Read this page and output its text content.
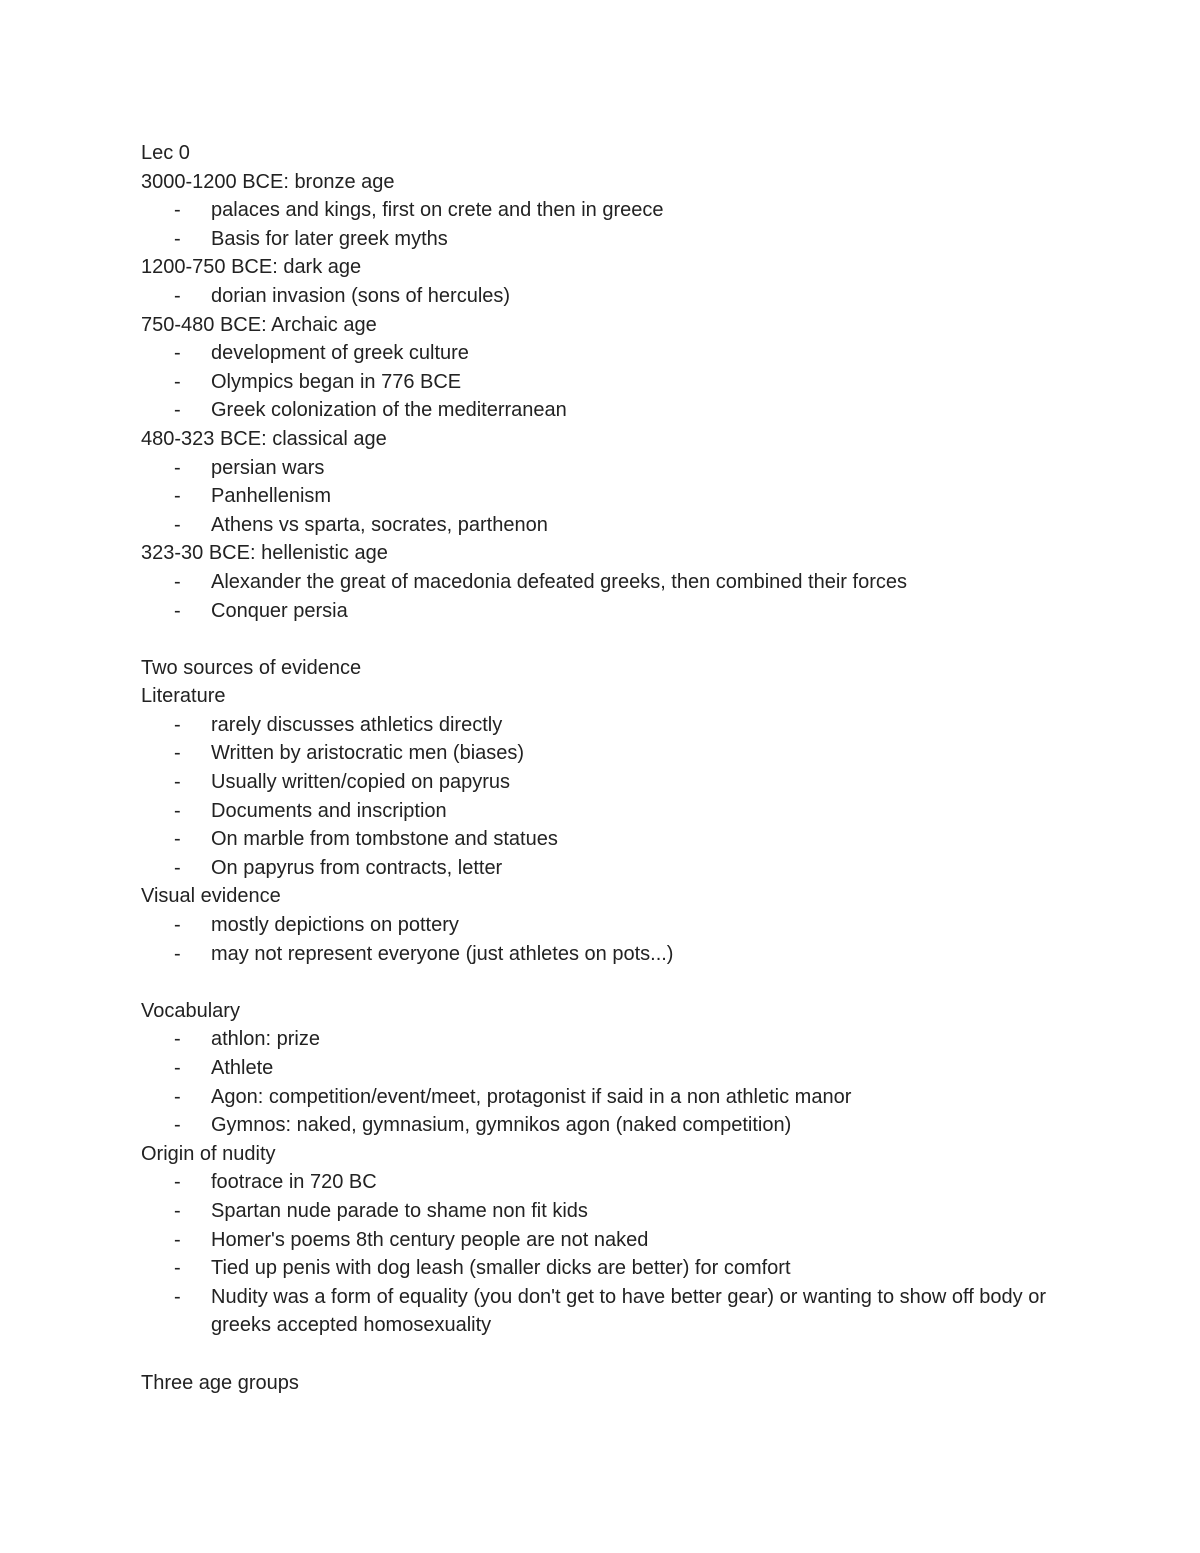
Lec 0
3000-1200 BCE: bronze age
- palaces and kings, first on crete and then in greece
- Basis for later greek myths
1200-750 BCE: dark age
- dorian invasion (sons of hercules)
750-480 BCE: Archaic age
- development of greek culture
- Olympics began in 776 BCE
- Greek colonization of the mediterranean
480-323 BCE: classical age
- persian wars
- Panhellenism
- Athens vs sparta, socrates, parthenon
323-30 BCE: hellenistic age
- Alexander the great of macedonia defeated greeks, then combined their forces
- Conquer persia
Two sources of evidence
Literature
- rarely discusses athletics directly
- Written by aristocratic men (biases)
- Usually written/copied on papyrus
- Documents and inscription
- On marble from tombstone and statues
- On papyrus from contracts, letter
Visual evidence
- mostly depictions on pottery
- may not represent everyone (just athletes on pots...)
Vocabulary
- athlon: prize
- Athlete
- Agon: competition/event/meet, protagonist if said in a non athletic manor
- Gymnos: naked, gymnasium, gymnikos agon (naked competition)
Origin of nudity
- footrace in 720 BC
- Spartan nude parade to shame non fit kids
- Homer's poems 8th century people are not naked
- Tied up penis with dog leash (smaller dicks are better) for comfort
- Nudity was a form of equality (you don't get to have better gear) or wanting to show off body or greeks accepted homosexuality
Three age groups
